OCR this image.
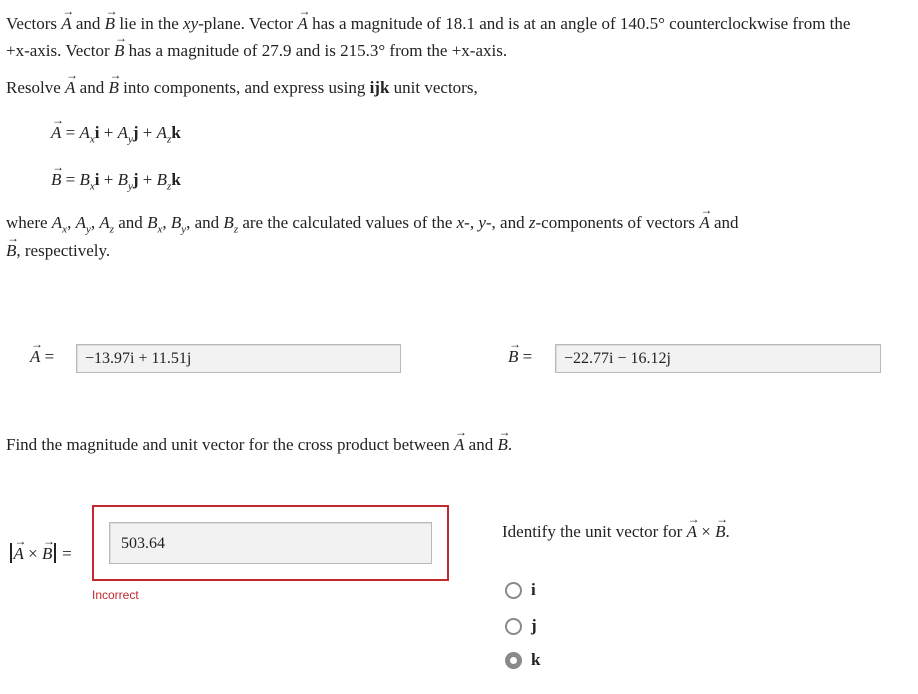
Vectors
→
A and
→
B lie in the xy-plane. Vector
→
A has a magnitude of 18.1 and is at an angle of 140.5° counterclockwise from the
+x-axis. Vector
→
B has a magnitude of 27.9 and is 215.3° from the +x-axis.
Resolve
→
A and
→
B into components, and express using ijk unit vectors,
→
$A = A_xi + A_yj + A_zk$
→
$B = B_xi + B_yj + B_zk$
where $A_x$, $A_y$, $A_z$ and $B_x$, $B_y$, and $B_z$ are the calculated values of the x-, y-, and z-components of vectors
→
A and
→
B, respectively.
→
A =	−13.97i + 11.51j
→
B =	−22.77i − 16.12j
Find the magnitude and unit vector for the cross product between
→
A and
→
B.
→
A ×
→
B =
503.64
Incorrect
Identify the unit vector for
→
A ×
→
B.
i
j
k
